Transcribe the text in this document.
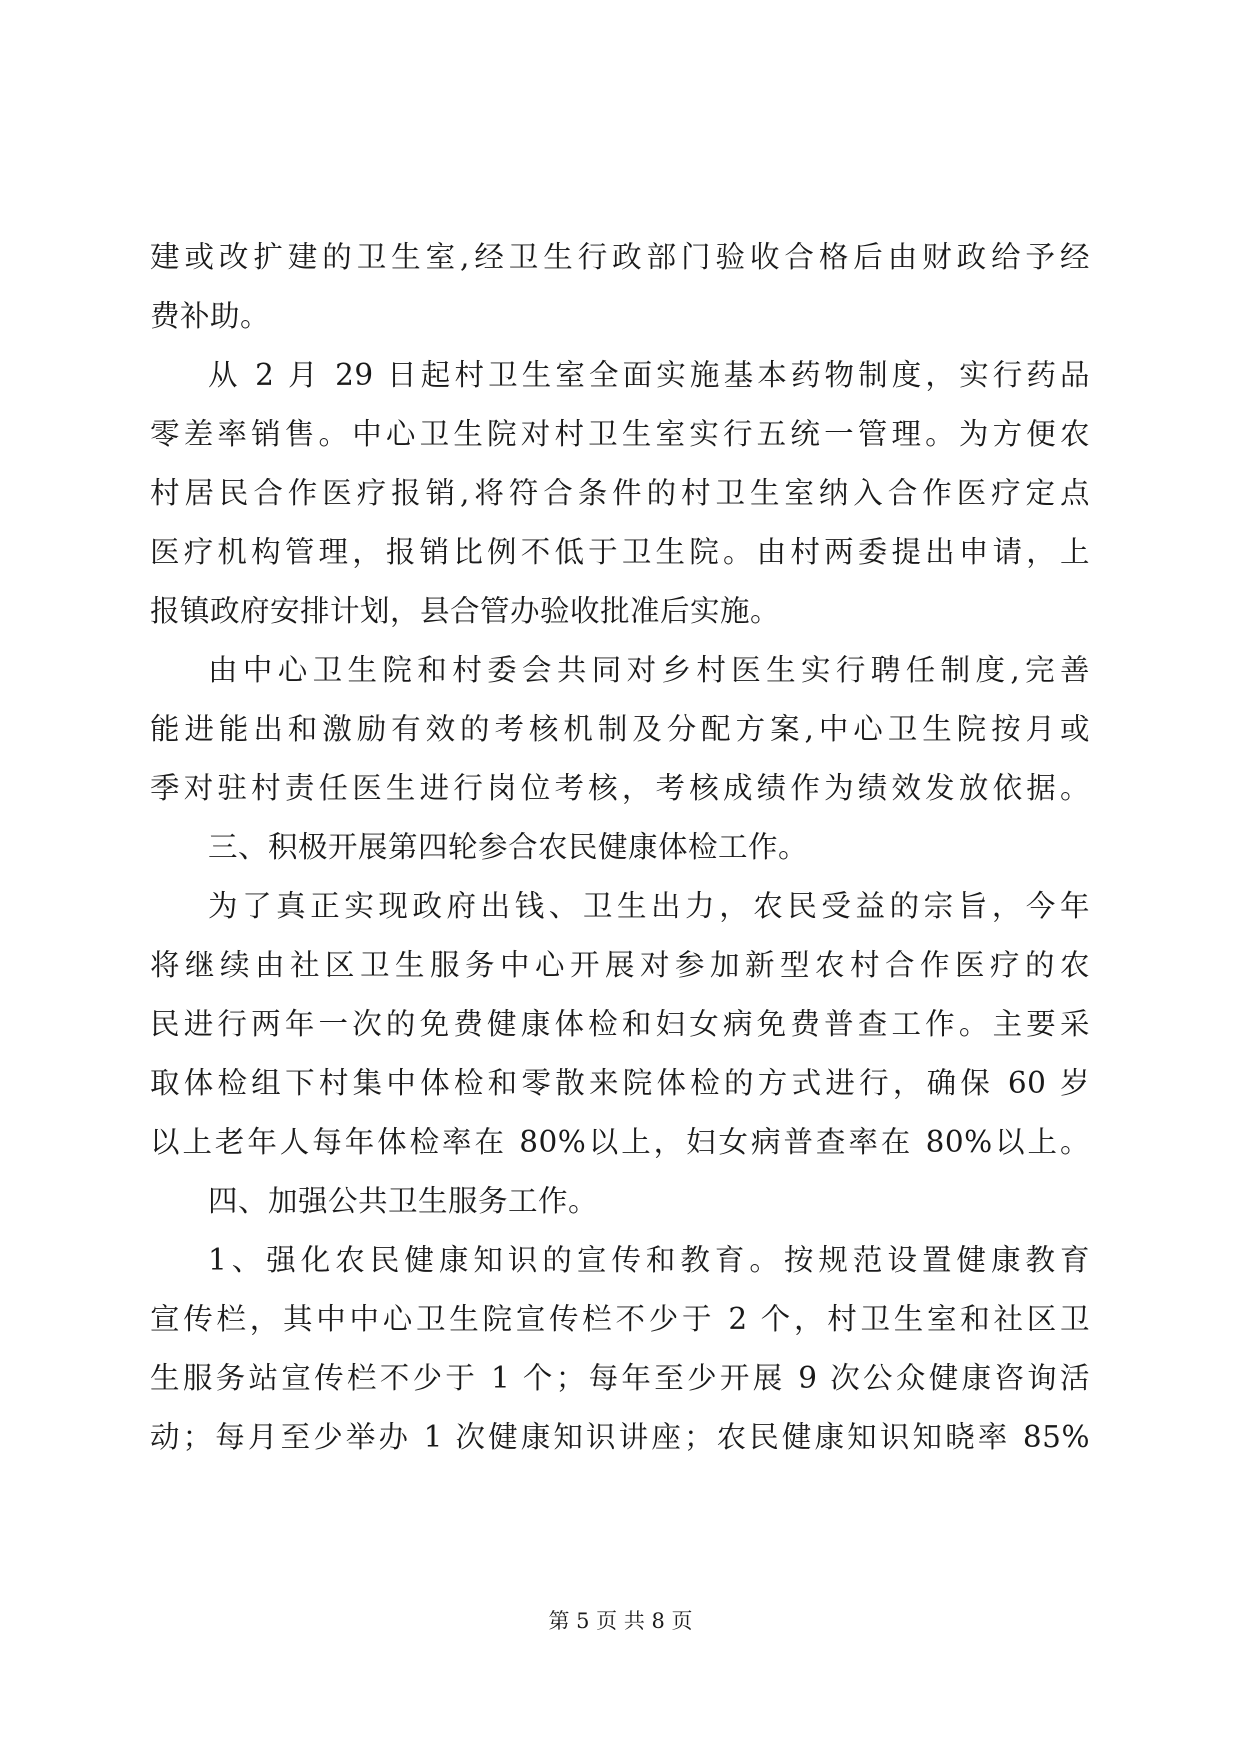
建或改扩建的卫生室,经卫生行政部门验收合格后由财政给予经
费补助。
从 2 月 29 日起村卫生室全面实施基本药物制度，实行药品
零差率销售。中心卫生院对村卫生室实行五统一管理。为方便农
村居民合作医疗报销,将符合条件的村卫生室纳入合作医疗定点
医疗机构管理，报销比例不低于卫生院。由村两委提出申请，上
报镇政府安排计划，县合管办验收批准后实施。
由中心卫生院和村委会共同对乡村医生实行聘任制度,完善
能进能出和激励有效的考核机制及分配方案,中心卫生院按月或
季对驻村责任医生进行岗位考核，考核成绩作为绩效发放依据。
三、积极开展第四轮参合农民健康体检工作。
为了真正实现政府出钱、卫生出力，农民受益的宗旨，今年
将继续由社区卫生服务中心开展对参加新型农村合作医疗的农
民进行两年一次的免费健康体检和妇女病免费普查工作。主要采
取体检组下村集中体检和零散来院体检的方式进行，确保 60 岁
以上老年人每年体检率在 80%以上，妇女病普查率在 80%以上。
四、加强公共卫生服务工作。
1、强化农民健康知识的宣传和教育。按规范设置健康教育
宣传栏，其中中心卫生院宣传栏不少于 2 个，村卫生室和社区卫
生服务站宣传栏不少于 1 个；每年至少开展 9 次公众健康咨询活
动；每月至少举办 1 次健康知识讲座；农民健康知识知晓率 85%
第 5 页 共 8 页
